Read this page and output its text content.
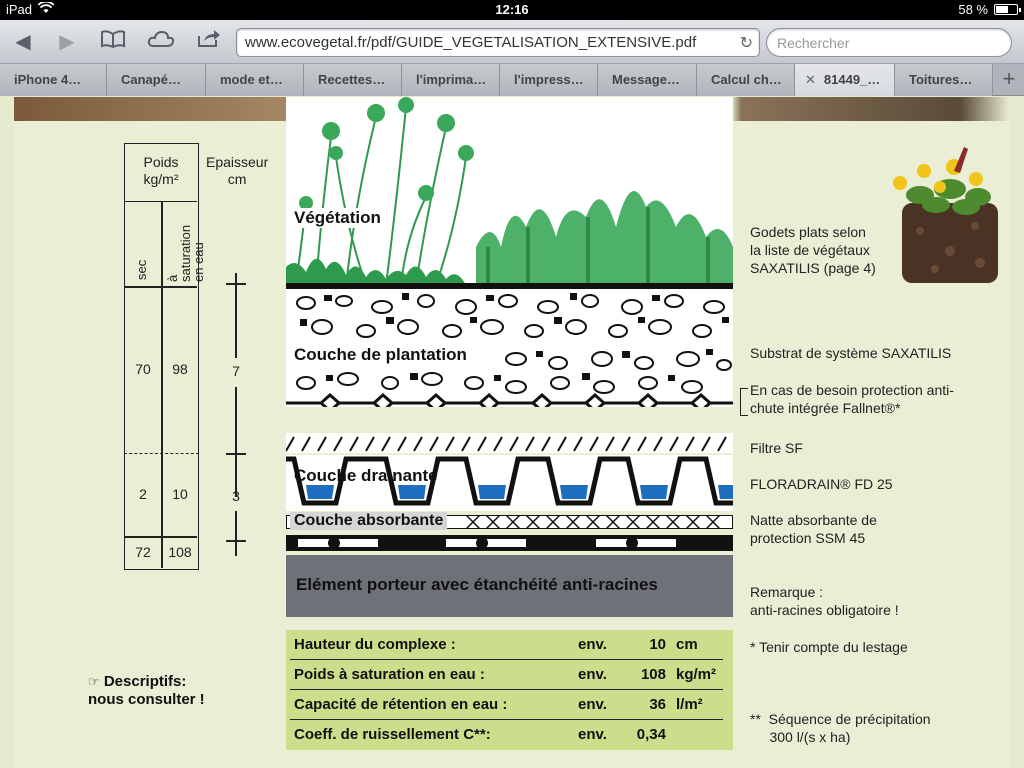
iPad	12:16	58 %
◀	▶	www.ecovegetal.fr/pdf/GUIDE_VEGETALISATION_EXTENSIVE.pdf	↻	Rechercher
iPhone 4…	Canapé…	mode et…	Recettes…	l'imprima…	l'impress…	Message…	Calcul ch…	✕ 81449_…	Toitures…	+
Poids
kg/m²
sec à saturation
en eau
70	98
2	10
72	108
Epaisseur
cm
7
3
Végétation
Couche de plantation
Couche drainante
Couche absorbante
Elément porteur avec étanchéité anti-racines
Hauteur du complexe :	env.	10 cm
Poids à saturation en eau :	env.	108 kg/m²
Capacité de rétention en eau :	env.	36 l/m²
Coeff. de ruissellement C**:	env.	0,34
Godets plats selon
la liste de végétaux
SAXATILIS (page 4)
Substrat de système SAXATILIS
En cas de besoin protection anti-
chute intégrée Fallnet®*
Filtre SF
FLORADRAIN® FD 25
Natte absorbante de
protection SSM 45
Remarque :
anti-racines obligatoire !
* Tenir compte du lestage
**  Séquence de précipitation
300 l/(s x ha)
☞ Descriptifs:
nous consulter !
